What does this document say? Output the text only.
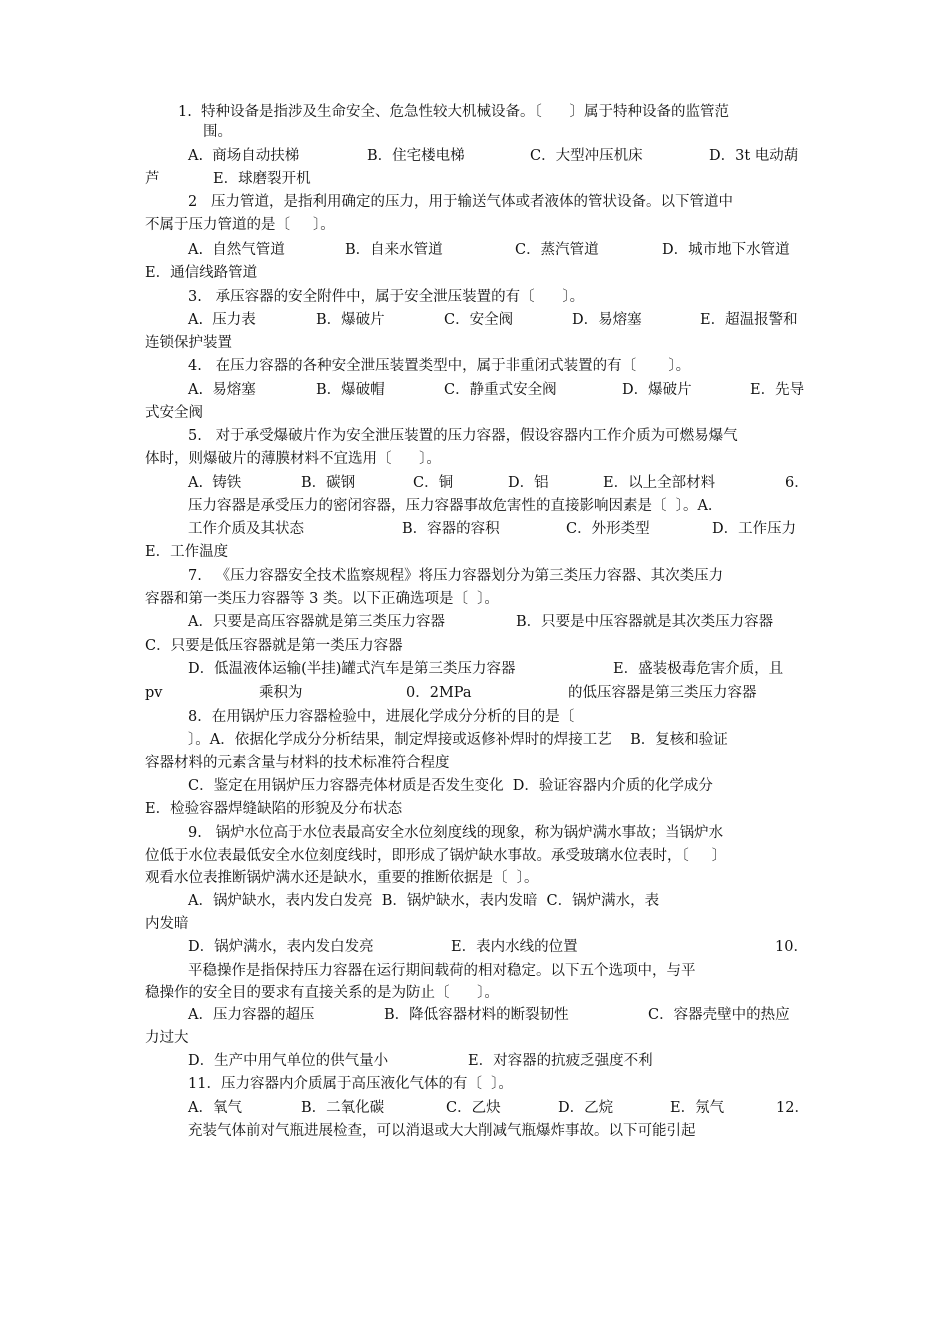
1.  特种设备是指涉及生命安全、危急性较大机械设备。〔      〕属于特种设备的监管范
围。

A.  商场自动扶梯

	B．住宅楼电梯

	C．大型冲压机床

	D．3t 电动葫

芦

	E．球磨裂开机

2   压力管道，是指利用确定的压力，用于输送气体或者液体的管状设备。以下管道中
不属于压力管道的是〔     〕。

A.  自然气管道

	B．自来水管道

	C．蒸汽管道

	D．城市地下水管道

E．通信线路管道
3.   承压容器的安全附件中，属于安全泄压装置的有〔      〕。

A.  压力表

	B．爆破片

	C．安全阀

	D．易熔塞

	E．超温报警和

连锁保护装置
4.   在压力容器的各种安全泄压装置类型中，属于非重闭式装置的有〔       〕。

A.  易熔塞

	B．爆破帽

	C．静重式安全阀

	D．爆破片

	E．先导

式安全阀
5.   对于承受爆破片作为安全泄压装置的压力容器，假设容器内工作介质为可燃易爆气
体时，则爆破片的薄膜材料不宜选用〔      〕。

A.  铸铁

	B．碳钢

	C．铜

	D．铝

	E．以上全部材料

	6．

压力容器是承受压力的密闭容器，压力容器事故危害性的直接影响因素是〔  〕。A．

工作介质及其状态

	B．容器的容积

	C．外形类型

	D．工作压力

E．工作温度
7.   《压力容器安全技术监察规程》将压力容器划分为第三类压力容器、其次类压力
容器和第一类压力容器等 3 类。以下正确选项是〔  〕。

A．只要是高压容器就是第三类压力容器

	B．只要是中压容器就是其次类压力容器

C．只要是低压容器就是第一类压力容器

D．低温液体运输(半挂)罐式汽车是第三类压力容器

	E．盛装极毒危害介质，且

pv

	乘积为

	0．2MPa

	的低压容器是第三类压力容器

8．在用锅炉压力容器检验中，进展化学成分分析的目的是〔
〕。A．依据化学成分分析结果，制定焊接或返修补焊时的焊接工艺    B．复核和验证
容器材料的元素含量与材料的技术标准符合程度
C．鉴定在用锅炉压力容器壳体材质是否发生变化  D．验证容器内介质的化学成分
E．检验容器焊缝缺陷的形貌及分布状态
9.   锅炉水位高于水位表最高安全水位刻度线的现象，称为锅炉满水事故；当锅炉水
位低于水位表最低安全水位刻度线时，即形成了锅炉缺水事故。承受玻璃水位表时，〔     〕
观看水位表推断锅炉满水还是缺水，重要的推断依据是〔  〕。
A．锅炉缺水，表内发白发亮  B．锅炉缺水，表内发暗  C．锅炉满水，表
内发暗

D．锅炉满水，表内发白发亮

	E．表内水线的位置

	10．

平稳操作是指保持压力容器在运行期间载荷的相对稳定。以下五个选项中，与平
稳操作的安全目的要求有直接关系的是为防止〔      〕。

A．压力容器的超压

	B．降低容器材料的断裂韧性

	C．容器壳壁中的热应

力过大

D．生产中用气单位的供气量小

	E．对容器的抗疲乏强度不利

11．压力容器内介质属于高压液化气体的有〔  〕。

A．氧气

	B．二氧化碳

	C．乙炔

	D．乙烷

	E．氖气

	12．

充装气体前对气瓶进展检查，可以消退或大大削减气瓶爆炸事故。以下可能引起
